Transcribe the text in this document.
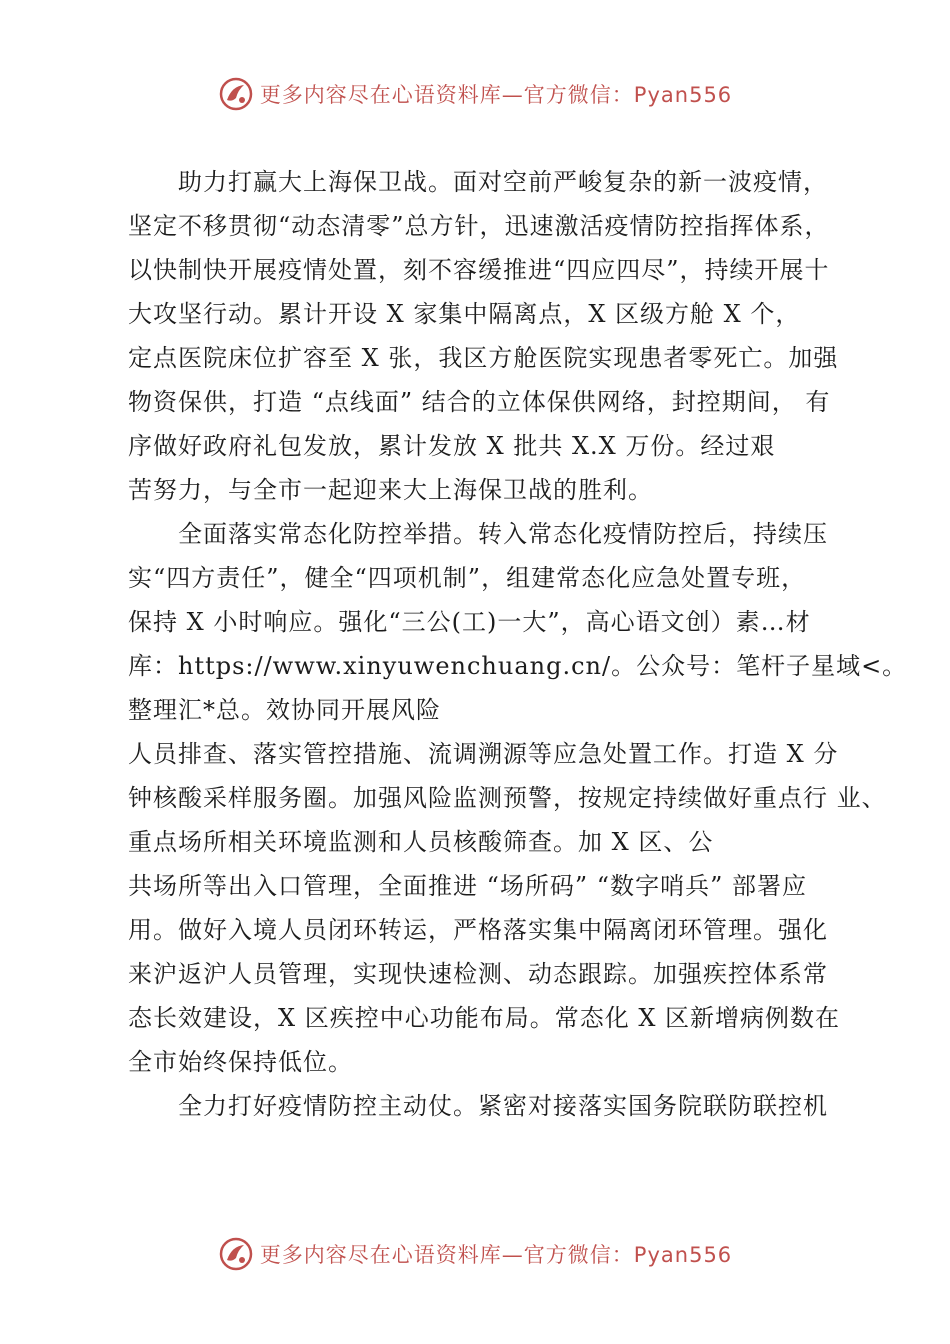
更多内容尽在心语资料库—官方微信：Pyan556
助力打赢大上海保卫战。面对空前严峻复杂的新一波疫情，
坚定不移贯彻“动态清零”总方针，迅速激活疫情防控指挥体系，
以快制快开展疫情处置，刻不容缓推进“四应四尽”，持续开展十
大攻坚行动。累计开设 X 家集中隔离点，X 区级方舱 X 个，
定点医院床位扩容至 X 张，我区方舱医院实现患者零死亡。加强
物资保供，打造 “点线面” 结合的立体保供网络，封控期间， 有
序做好政府礼包发放，累计发放 X 批共 X.X 万份。经过艰
苦努力，与全市一起迎来大上海保卫战的胜利。
全面落实常态化防控举措。转入常态化疫情防控后，持续压
实“四方责任”，健全“四项机制”，组建常态化应急处置专班，
保持 X 小时响应。强化“三公(工)一大”，高心语文创）素…材
库：https://www.xinyuwenchuang.cn/。公众号：笔杆子星域<。
整理汇*总。效协同开展风险
人员排查、落实管控措施、流调溯源等应急处置工作。打造 X 分
钟核酸采样服务圈。加强风险监测预警，按规定持续做好重点行 业、
重点场所相关环境监测和人员核酸筛查。加 X 区、公
共场所等出入口管理，全面推进 “场所码” “数字哨兵” 部署应
用。做好入境人员闭环转运，严格落实集中隔离闭环管理。强化
来沪返沪人员管理，实现快速检测、动态跟踪。加强疾控体系常
态长效建设，X 区疾控中心功能布局。常态化 X 区新增病例数在
全市始终保持低位。
全力打好疫情防控主动仗。紧密对接落实国务院联防联控机
更多内容尽在心语资料库—官方微信：Pyan556
